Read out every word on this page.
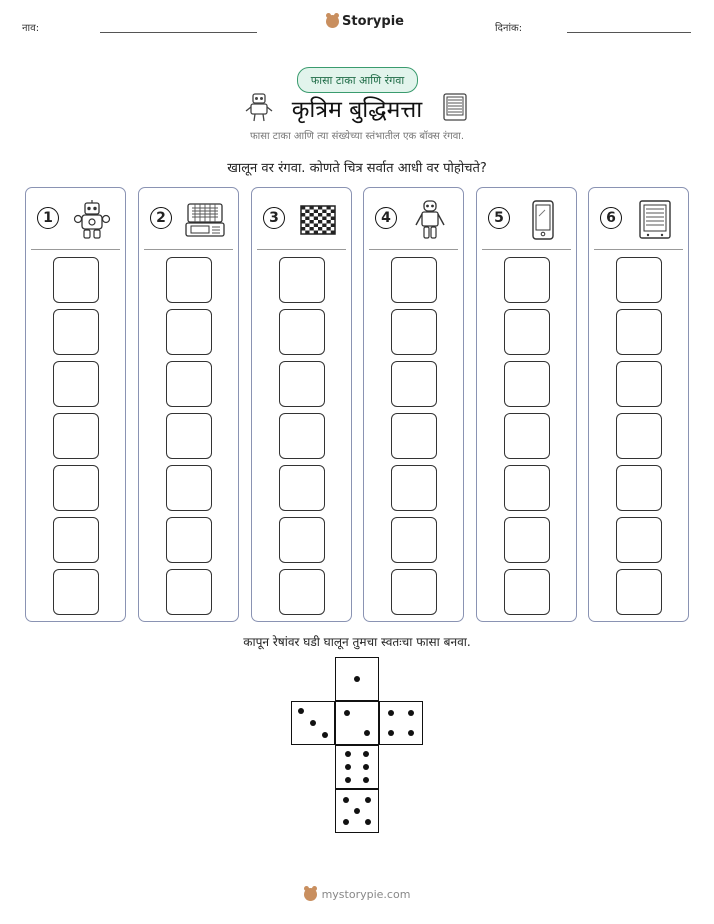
नाव:	Storypie	दिनांक:
फासा टाका आणि रंगवा
कृत्रिम बुद्धिमत्ता
फासा टाका आणि त्या संख्येच्या स्तंभातील एक बॉक्स रंगवा.
खालून वर रंगवा. कोणते चित्र सर्वात आधी वर पोहोचते?
1	2	3	4	5	6
कापून रेषांवर घडी घालून तुमचा स्वतःचा फासा बनवा.
mystorypie.com
